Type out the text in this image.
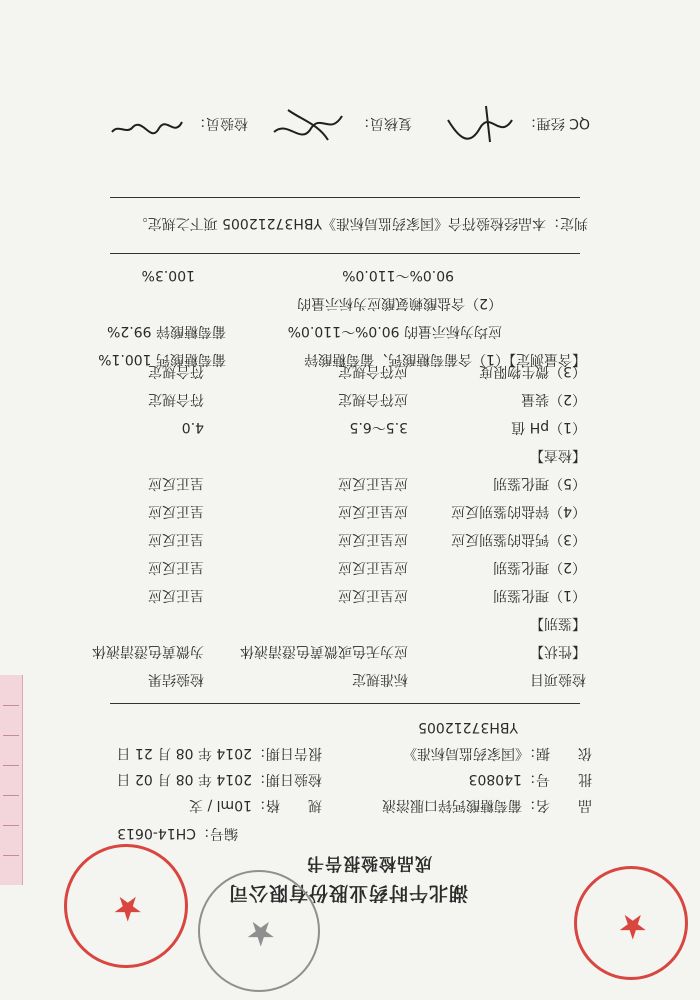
湖北午时药业股份有限公司
成品检验报告书
编号：CH14-0613
品　　名：葡萄糖酸钙锌口服溶液
规　　格：10ml / 支
批　　号：140803
检验日期：2014 年 08 月 02 日
依　　据：《国家药监局标准》
报告日期：2014 年 08 月 21 日
YBH37212005
检验项目
标准规定
检验结果
【性状】
应为无色或微黄色澄清液体
为微黄色澄清液体
【鉴别】
（1）理化鉴别
应呈正反应
呈正反应
（2）理化鉴别
应呈正反应
呈正反应
（3）钙盐的鉴别反应
应呈正反应
呈正反应
（4）锌盐的鉴别反应
应呈正反应
呈正反应
（5）理化鉴别
应呈正反应
呈正反应
【检查】
（1）pH 值
3.5～6.5
4.0
（2）装量
应符合规定
符合规定
（3）微生物限度
应符合规定
符合规定
【含量测定】（1）含葡萄糖酸钙、葡萄糖酸锌
葡萄糖酸钙 100.1%
应均为标示量的 90.0%～110.0%
葡萄糖酸锌 99.2%
（2）含盐酸赖氨酸应为标示量的
90.0%～110.0%
100.3%
判定：本品经检验符合《国家药监局标准》YBH37212005 项下之规定。
QC 经理：
复核员：
检验员：
★
★
★
